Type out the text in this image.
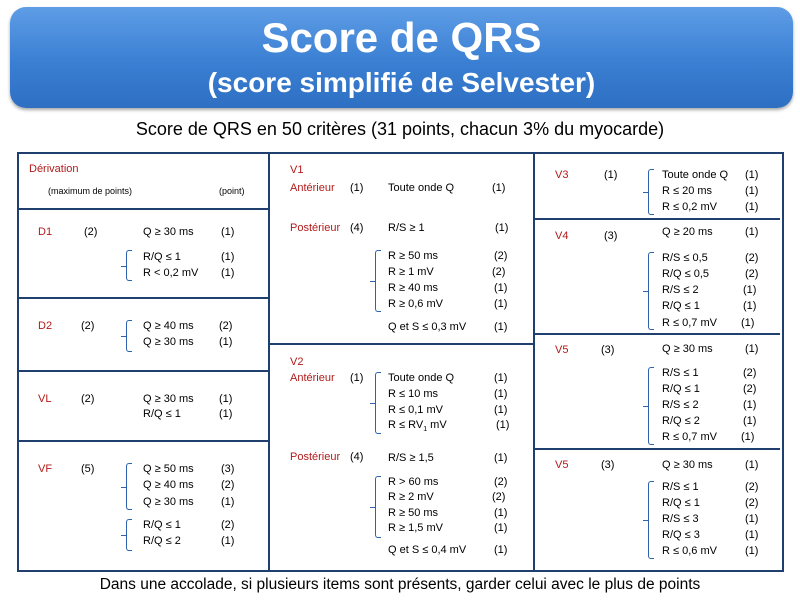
Score de QRS
(score simplifié de Selvester)
Score de QRS en 50 critères (31 points, chacun 3% du myocarde)
Dérivation
(maximum de points)	(point)
D1	(2)	Q ≥ 30 ms (1)
R/Q ≤ 1	(1)
R < 0,2 mV (1)
D2	(2)	Q ≥ 40 ms (2)
Q ≥ 30 ms (1)
VL	(2)	Q ≥ 30 ms (1)
R/Q ≤ 1	(1)
VF	(5)	Q ≥ 50 ms (3)
Q ≥ 40 ms (2)
Q ≥ 30 ms (1)
R/Q ≤ 1	(2)
R/Q ≤ 2	(1)
V1
Antérieur (1) Toute onde Q	(1)
Postérieur (4) R/S ≥ 1	(1)
R ≥ 50 ms	(2)
R ≥ 1 mV	(2)
R ≥ 40 ms	(1)
R ≥ 0,6 mV	(1)
Q et S ≤ 0,3 mV	(1)
V2
Antérieur (1) Toute onde Q	(1)
R ≤ 10 ms	(1)
R ≤ 0,1 mV	(1)
$R \le RV_1$ mV	(1)
Postérieur (4) R/S ≥ 1,5	(1)
R > 60 ms	(2)
R ≥ 2 mV	(2)
R ≥ 50 ms	(1)
R ≥ 1,5 mV	(1)
Q et S ≤ 0,4 mV	(1)
V3	(1)	Toute onde Q (1)
R ≤ 20 ms	(1)
R ≤ 0,2 mV	(1)
V4	(3)	Q ≥ 20 ms	(1)
R/S ≤ 0,5	(2)
R/Q ≤ 0,5	(2)
R/S ≤ 2	(1)
R/Q ≤ 1	(1)
R ≤ 0,7 mV (1)
V5	(3)	Q ≥ 30 ms	(1)
R/S ≤ 1	(2)
R/Q ≤ 1	(2)
R/S ≤ 2	(1)
R/Q ≤ 2	(1)
R ≤ 0,7 mV (1)
V5	(3)	Q ≥ 30 ms	(1)
R/S ≤ 1	(2)
R/Q ≤ 1	(2)
R/S ≤ 3	(1)
R/Q ≤ 3	(1)
R ≤ 0,6 mV	(1)
Dans une accolade, si plusieurs items sont présents, garder celui avec le plus de points
